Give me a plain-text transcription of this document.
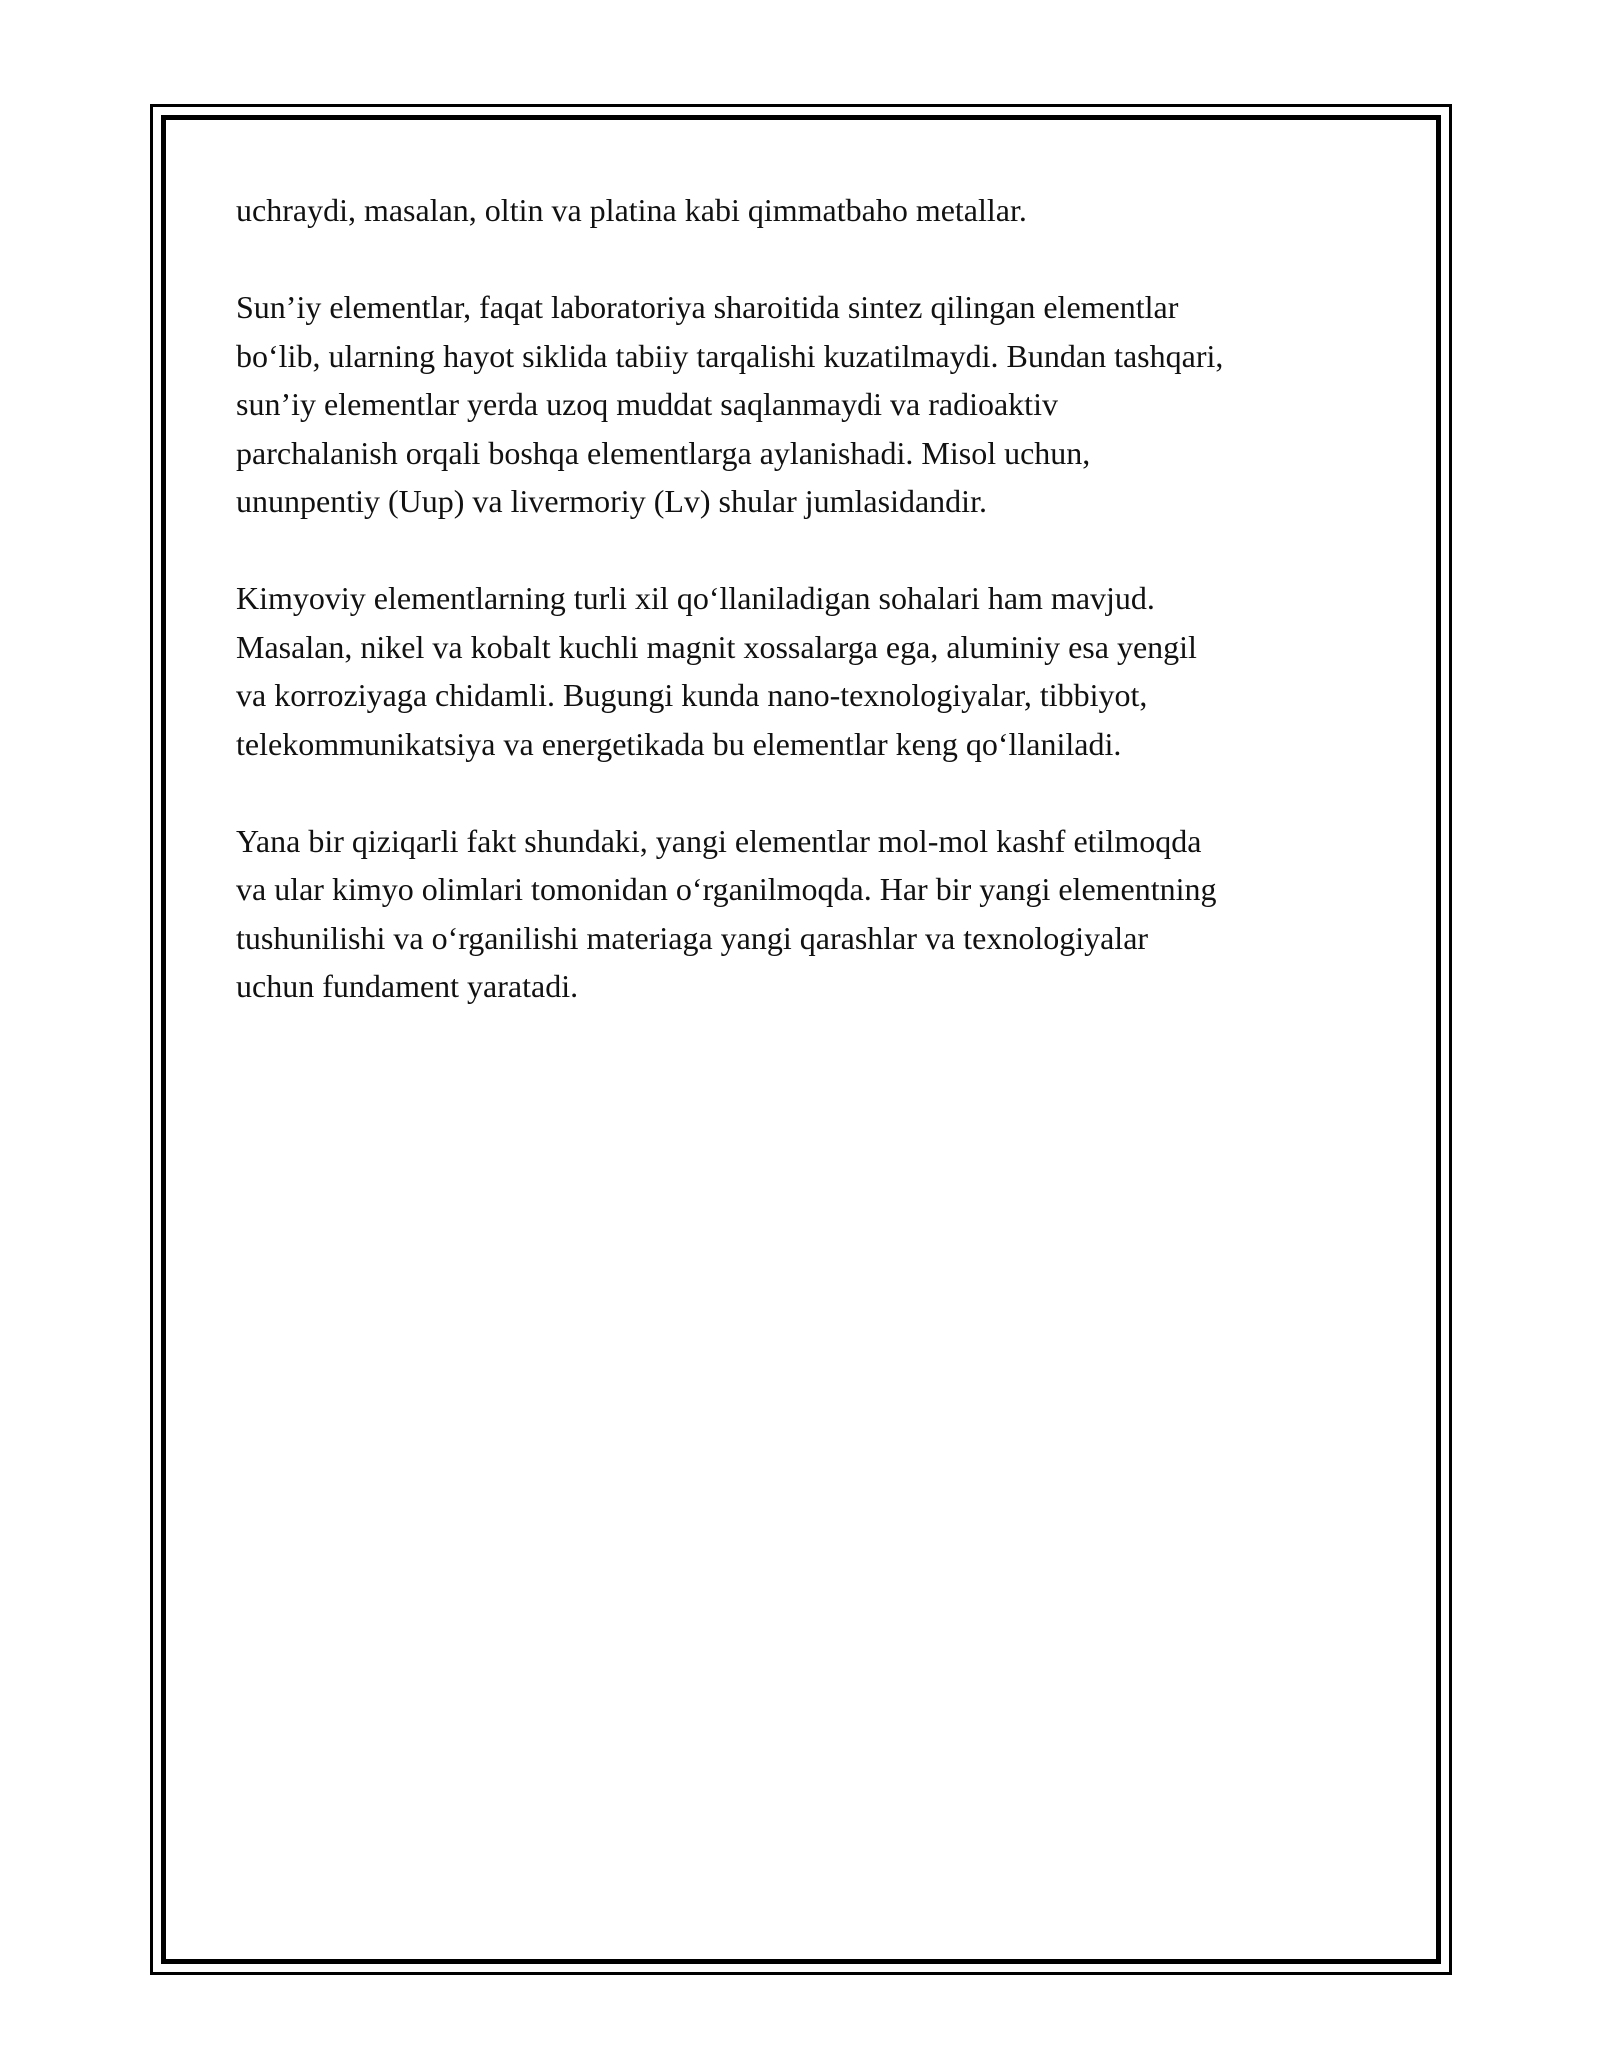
uchraydi, masalan, oltin va platina kabi qimmatbaho metallar.

Sun’iy elementlar, faqat laboratoriya sharoitida sintez qilingan elementlar
bo‘lib, ularning hayot siklida tabiiy tarqalishi kuzatilmaydi. Bundan tashqari,
sun’iy elementlar yerda uzoq muddat saqlanmaydi va radioaktiv
parchalanish orqali boshqa elementlarga aylanishadi. Misol uchun,
ununpentiy (Uup) va livermoriy (Lv) shular jumlasidandir.

Kimyoviy elementlarning turli xil qo‘llaniladigan sohalari ham mavjud.
Masalan, nikel va kobalt kuchli magnit xossalarga ega, aluminiy esa yengil
va korroziyaga chidamli. Bugungi kunda nano-texnologiyalar, tibbiyot,
telekommunikatsiya va energetikada bu elementlar keng qo‘llaniladi.

Yana bir qiziqarli fakt shundaki, yangi elementlar mol-mol kashf etilmoqda
va ular kimyo olimlari tomonidan o‘rganilmoqda. Har bir yangi elementning
tushunilishi va o‘rganilishi materiaga yangi qarashlar va texnologiyalar
uchun fundament yaratadi.
